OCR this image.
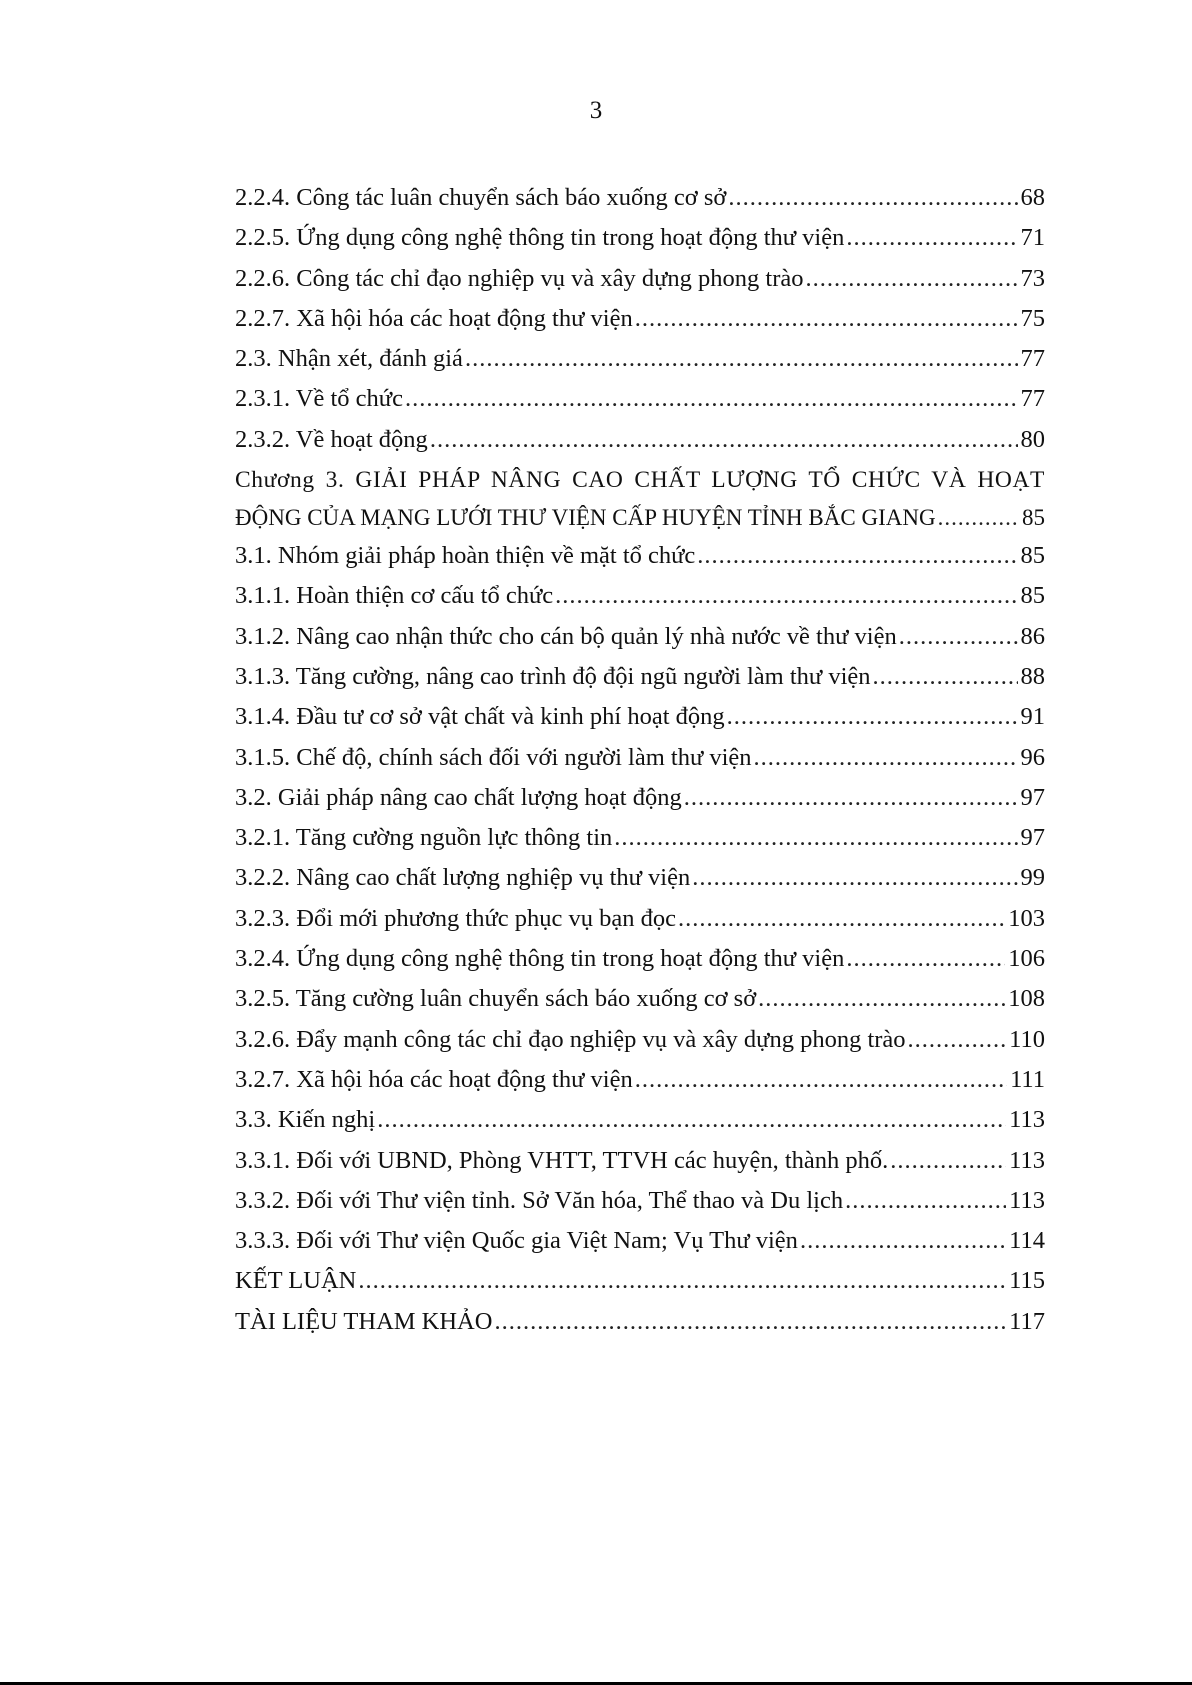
3
2.2.4. Công tác luân chuyển sách báo xuống cơ sở .....	68
2.2.5. Ứng dụng công nghệ thông tin trong hoạt động thư viện .....	71
2.2.6. Công tác chỉ đạo nghiệp vụ và xây dựng phong trào .....	73
2.2.7. Xã hội hóa các hoạt động thư viện .....	75
2.3. Nhận xét, đánh giá .....	77
2.3.1. Về tổ chức .....	77
2.3.2. Về hoạt động .....	80
Chương 3. GIẢI PHÁP NÂNG CAO CHẤT LƯỢNG TỔ CHỨC VÀ HOẠT
ĐỘNG CỦA MẠNG LƯỚI THƯ VIỆN CẤP HUYỆN TỈNH BẮC GIANG .....	85
3.1. Nhóm giải pháp hoàn thiện về mặt tổ chức .....	85
3.1.1. Hoàn thiện cơ cấu tổ chức .....	85
3.1.2. Nâng cao nhận thức cho cán bộ quản lý nhà nước về thư viện .....	86
3.1.3. Tăng cường, nâng cao trình độ đội ngũ người làm thư viện .....	88
3.1.4. Đầu tư cơ sở vật chất và kinh phí hoạt động .....	91
3.1.5. Chế độ, chính sách đối với người làm thư viện .....	96
3.2. Giải pháp nâng cao chất lượng hoạt động .....	97
3.2.1. Tăng cường nguồn lực thông tin .....	97
3.2.2. Nâng cao chất lượng nghiệp vụ thư viện .....	99
3.2.3. Đổi mới phương thức phục vụ bạn đọc .....	103
3.2.4. Ứng dụng công nghệ thông tin trong hoạt động thư viện .....	106
3.2.5. Tăng cường luân chuyển sách báo xuống cơ sở .....	108
3.2.6. Đẩy mạnh công tác chỉ đạo nghiệp vụ và xây dựng phong trào .....	110
3.2.7. Xã hội hóa các hoạt động thư viện .....	111
3.3. Kiến nghị .....	113
3.3.1. Đối với UBND, Phòng VHTT, TTVH các huyện, thành phố. .....	113
3.3.2. Đối với Thư viện tỉnh. Sở Văn hóa, Thể thao và Du lịch .....	113
3.3.3. Đối với Thư viện Quốc gia Việt Nam; Vụ Thư viện .....	114
KẾT LUẬN .....	115
TÀI LIỆU THAM KHẢO .....	117
